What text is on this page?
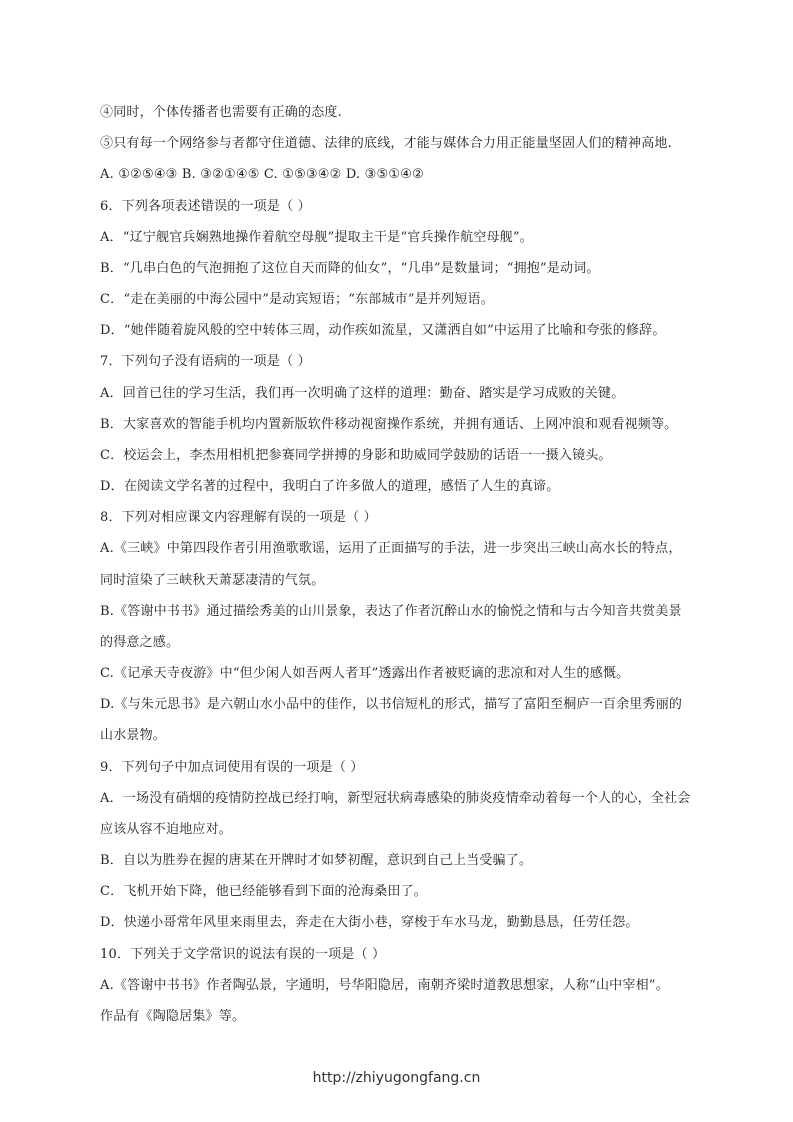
④同时，个体传播者也需要有正确的态度.
⑤只有每一个网络参与者都守住道德、法律的底线，才能与媒体合力用正能量坚固人们的精神高地.
A. ①②⑤④③ B. ③②①④⑤ C. ①⑤③④② D. ③⑤①④②
6．下列各项表述错误的一项是（ ）
A．“辽宁舰官兵娴熟地操作着航空母舰”提取主干是“官兵操作航空母舰”。
B．“几串白色的气泡拥抱了这位自天而降的仙女”，“几串”是数量词；“拥抱”是动词。
C．“走在美丽的中海公园中”是动宾短语；“东部城市”是并列短语。
D．“她伴随着旋风般的空中转体三周，动作疾如流星，又潇洒自如”中运用了比喻和夸张的修辞。
7．下列句子没有语病的一项是（ ）
A．回首已往的学习生活，我们再一次明确了这样的道理：勤奋、踏实是学习成败的关键。
B．大家喜欢的智能手机均内置新版软件移动视窗操作系统，并拥有通话、上网冲浪和观看视频等。
C．校运会上，李杰用相机把参赛同学拼搏的身影和助威同学鼓励的话语一一摄入镜头。
D．在阅读文学名著的过程中，我明白了许多做人的道理，感悟了人生的真谛。
8．下列对相应课文内容理解有误的一项是（ ）
A.《三峡》中第四段作者引用渔歌歌谣，运用了正面描写的手法，进一步突出三峡山高水长的特点，
同时渲染了三峡秋天萧瑟凄清的气氛。
B.《答谢中书书》通过描绘秀美的山川景象，表达了作者沉醉山水的愉悦之情和与古今知音共赏美景
的得意之感。
C.《记承天寺夜游》中“但少闲人如吾两人者耳”透露出作者被贬谪的悲凉和对人生的感慨。
D.《与朱元思书》是六朝山水小品中的佳作，以书信短札的形式，描写了富阳至桐庐一百余里秀丽的
山水景物。
9．下列句子中加点词使用有误的一项是（ ）
A．一场没有硝烟的疫情防控战已经打响，新型冠状病毒感染的肺炎疫情牵动着每一个人的心，全社会
应该从容不迫地应对。
B．自以为胜券在握的唐某在开牌时才如梦初醒，意识到自己上当受骗了。
C．飞机开始下降，他已经能够看到下面的沧海桑田了。
D．快递小哥常年风里来雨里去，奔走在大街小巷，穿梭于车水马龙，勤勤恳恳，任劳任怨。
10．下列关于文学常识的说法有误的一项是（ ）
A.《答谢中书书》作者陶弘景，字通明，号华阳隐居，南朝齐梁时道教思想家，人称“山中宰相”。
作品有《陶隐居集》等。
http://zhiyugongfang.cn
